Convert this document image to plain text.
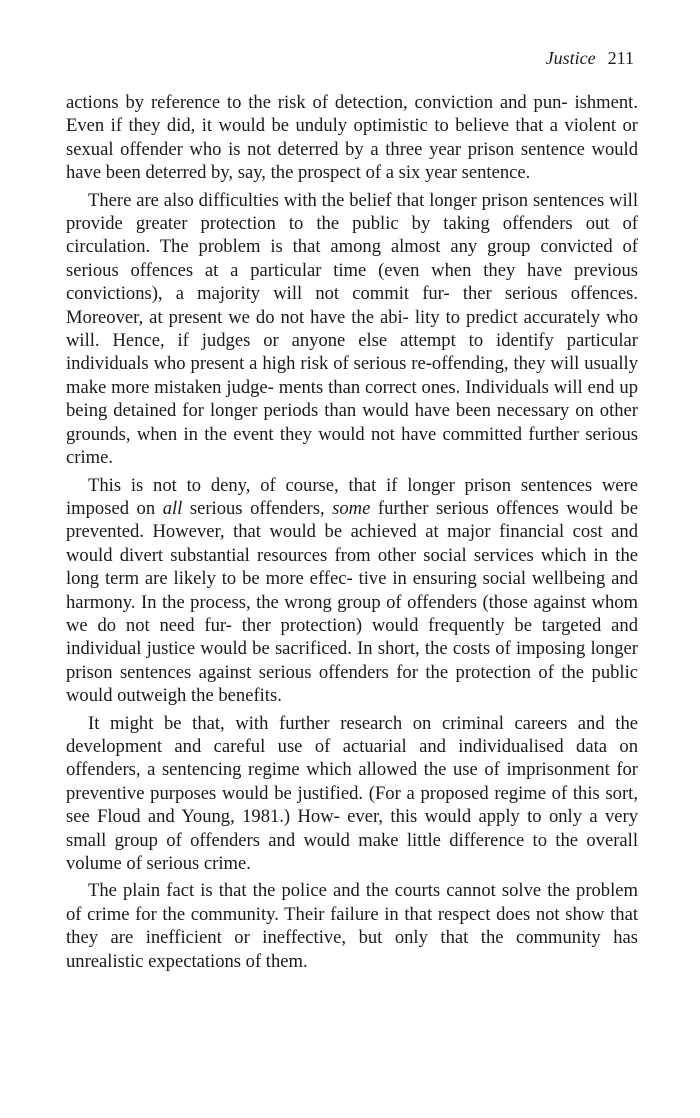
Justice 211

actions by reference to the risk of detection, conviction and pun- ishment. Even if they did, it would be unduly optimistic to believe that a violent or sexual offender who is not deterred by a three year prison sentence would have been deterred by, say, the prospect of a six year sentence.

There are also difficulties with the belief that longer prison sentences will provide greater protection to the public by taking offenders out of circulation. The problem is that among almost any group convicted of serious offences at a particular time (even when they have previous convictions), a majority will not commit fur- ther serious offences. Moreover, at present we do not have the abi- lity to predict accurately who will. Hence, if judges or anyone else attempt to identify particular individuals who present a high risk of serious re-offending, they will usually make more mistaken judge- ments than correct ones. Individuals will end up being detained for longer periods than would have been necessary on other grounds, when in the event they would not have committed further serious crime.

This is not to deny, of course, that if longer prison sentences were imposed on all serious offenders, some further serious offences would be prevented. However, that would be achieved at major financial cost and would divert substantial resources from other social services which in the long term are likely to be more effec- tive in ensuring social wellbeing and harmony. In the process, the wrong group of offenders (those against whom we do not need fur- ther protection) would frequently be targeted and individual justice would be sacrificed. In short, the costs of imposing longer prison sentences against serious offenders for the protection of the public would outweigh the benefits.

It might be that, with further research on criminal careers and the development and careful use of actuarial and individualised data on offenders, a sentencing regime which allowed the use of imprisonment for preventive purposes would be justified. (For a proposed regime of this sort, see Floud and Young, 1981.) How- ever, this would apply to only a very small group of offenders and would make little difference to the overall volume of serious crime.

The plain fact is that the police and the courts cannot solve the problem of crime for the community. Their failure in that respect does not show that they are inefficient or ineffective, but only that the community has unrealistic expectations of them.
